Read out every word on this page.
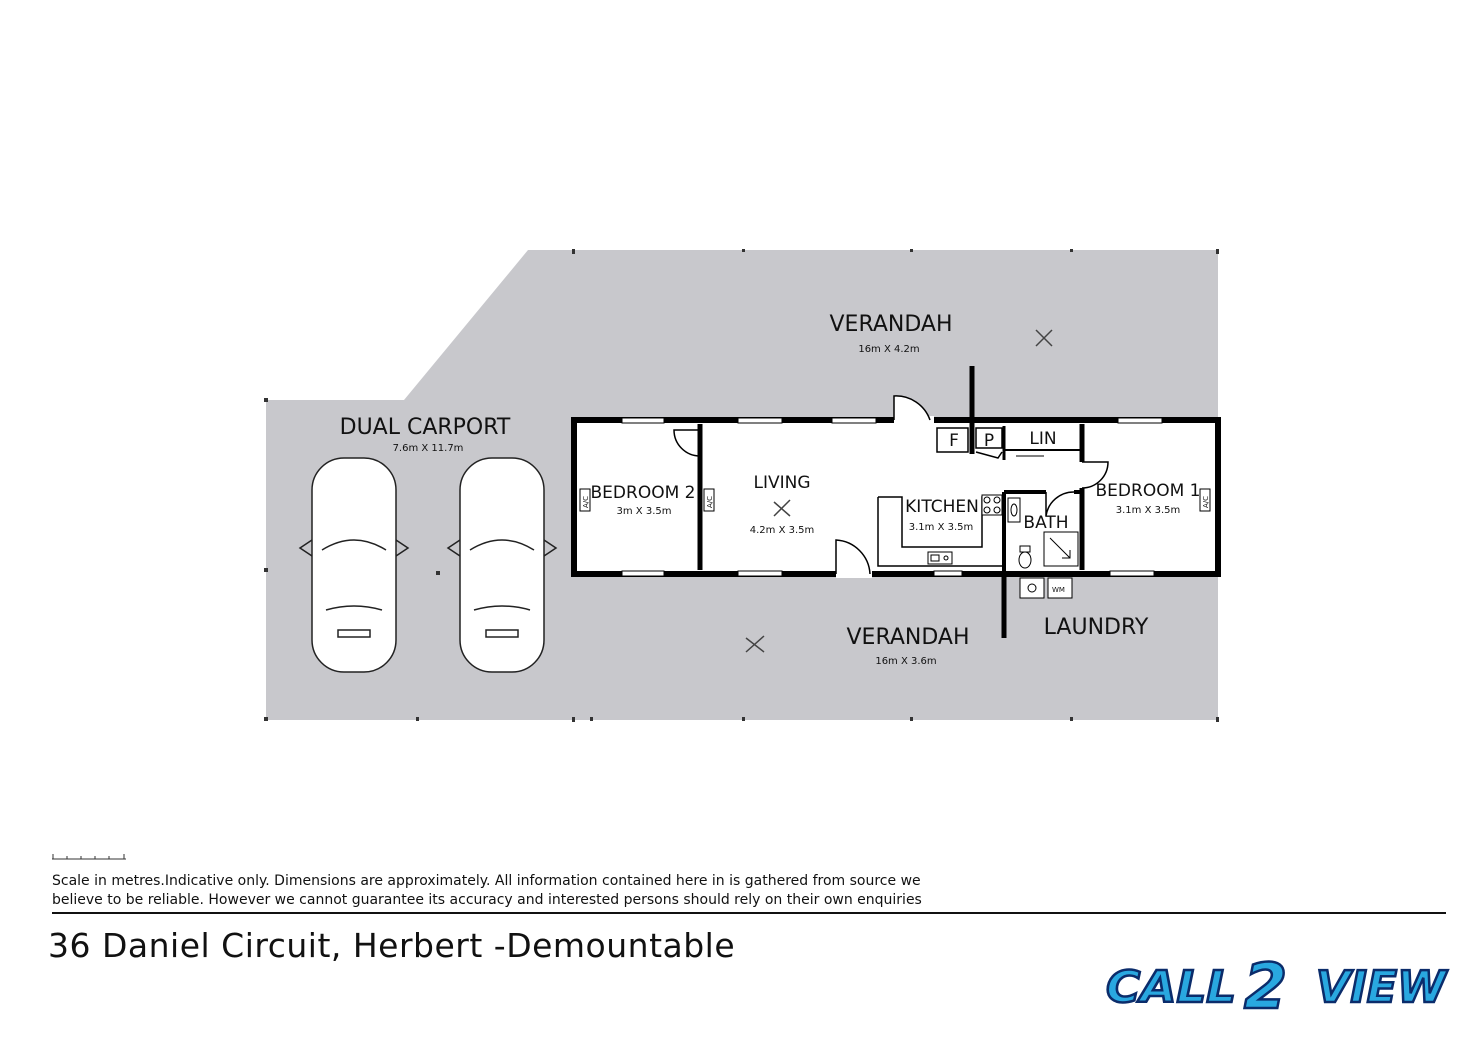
A/C	A/C	A/C
WM
VERANDAH
16m X 4.2m
VERANDAH
16m X 3.6m
DUAL CARPORT
7.6m X 11.7m
BEDROOM 2
3m X 3.5m
LIVING
4.2m X 3.5m
KITCHEN
3.1m X 3.5m	BATH
BEDROOM 1
3.1m X 3.5m
LAUNDRY
F P LIN
Scale in metres.Indicative only. Dimensions are approximately. All information contained here in is gathered from source we
believe to be reliable. However we cannot guarantee its accuracy and interested persons should rely on their own enquiries
36 Daniel Circuit, Herbert -Demountable
CALL 2 VIEW
